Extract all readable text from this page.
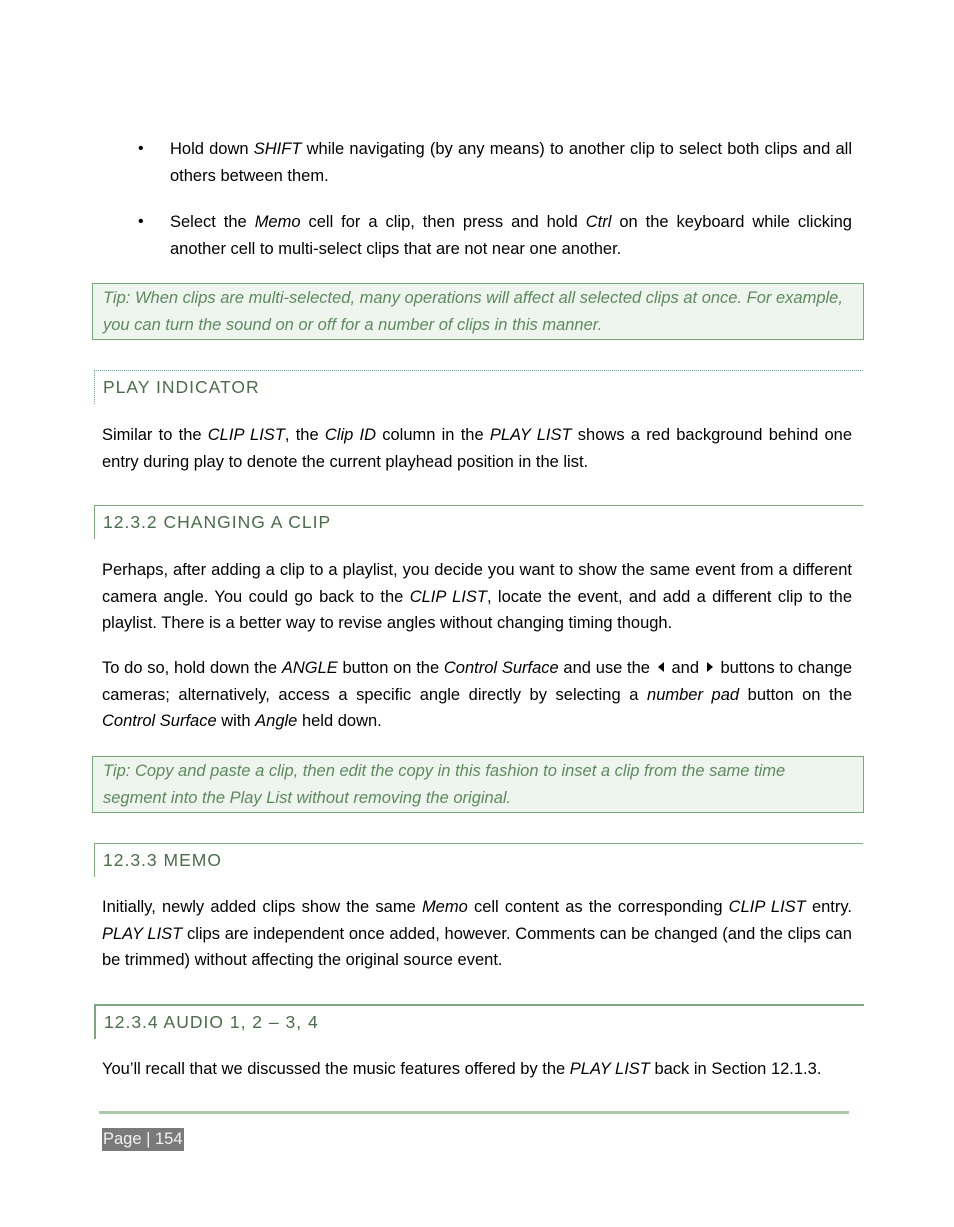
• Hold down SHIFT while navigating (by any means) to another clip to select both clips and all others between them.

• Select the Memo cell for a clip, then press and hold Ctrl on the keyboard while clicking another cell to multi-select clips that are not near one another.

Tip: When clips are multi-selected, many operations will affect all selected clips at once. For example, you can turn the sound on or off for a number of clips in this manner.

PLAY INDICATOR

Similar to the CLIP LIST, the Clip ID column in the PLAY LIST shows a red background behind one entry during play to denote the current playhead position in the list.

12.3.2 CHANGING A CLIP

Perhaps, after adding a clip to a playlist, you decide you want to show the same event from a different camera angle. You could go back to the CLIP LIST, locate the event, and add a different clip to the playlist. There is a better way to revise angles without changing timing though.

To do so, hold down the ANGLE button on the Control Surface and use the  and  buttons to change cameras; alternatively, access a specific angle directly by selecting a number pad button on the Control Surface with Angle held down.

Tip: Copy and paste a clip, then edit the copy in this fashion to inset a clip from the same time segment into the Play List without removing the original.

12.3.3 MEMO

Initially, newly added clips show the same Memo cell content as the corresponding CLIP LIST entry. PLAY LIST clips are independent once added, however. Comments can be changed (and the clips can be trimmed) without affecting the original source event.

12.3.4 AUDIO 1, 2 – 3, 4

You’ll recall that we discussed the music features offered by the PLAY LIST back in Section 12.1.3.

Page | 154
